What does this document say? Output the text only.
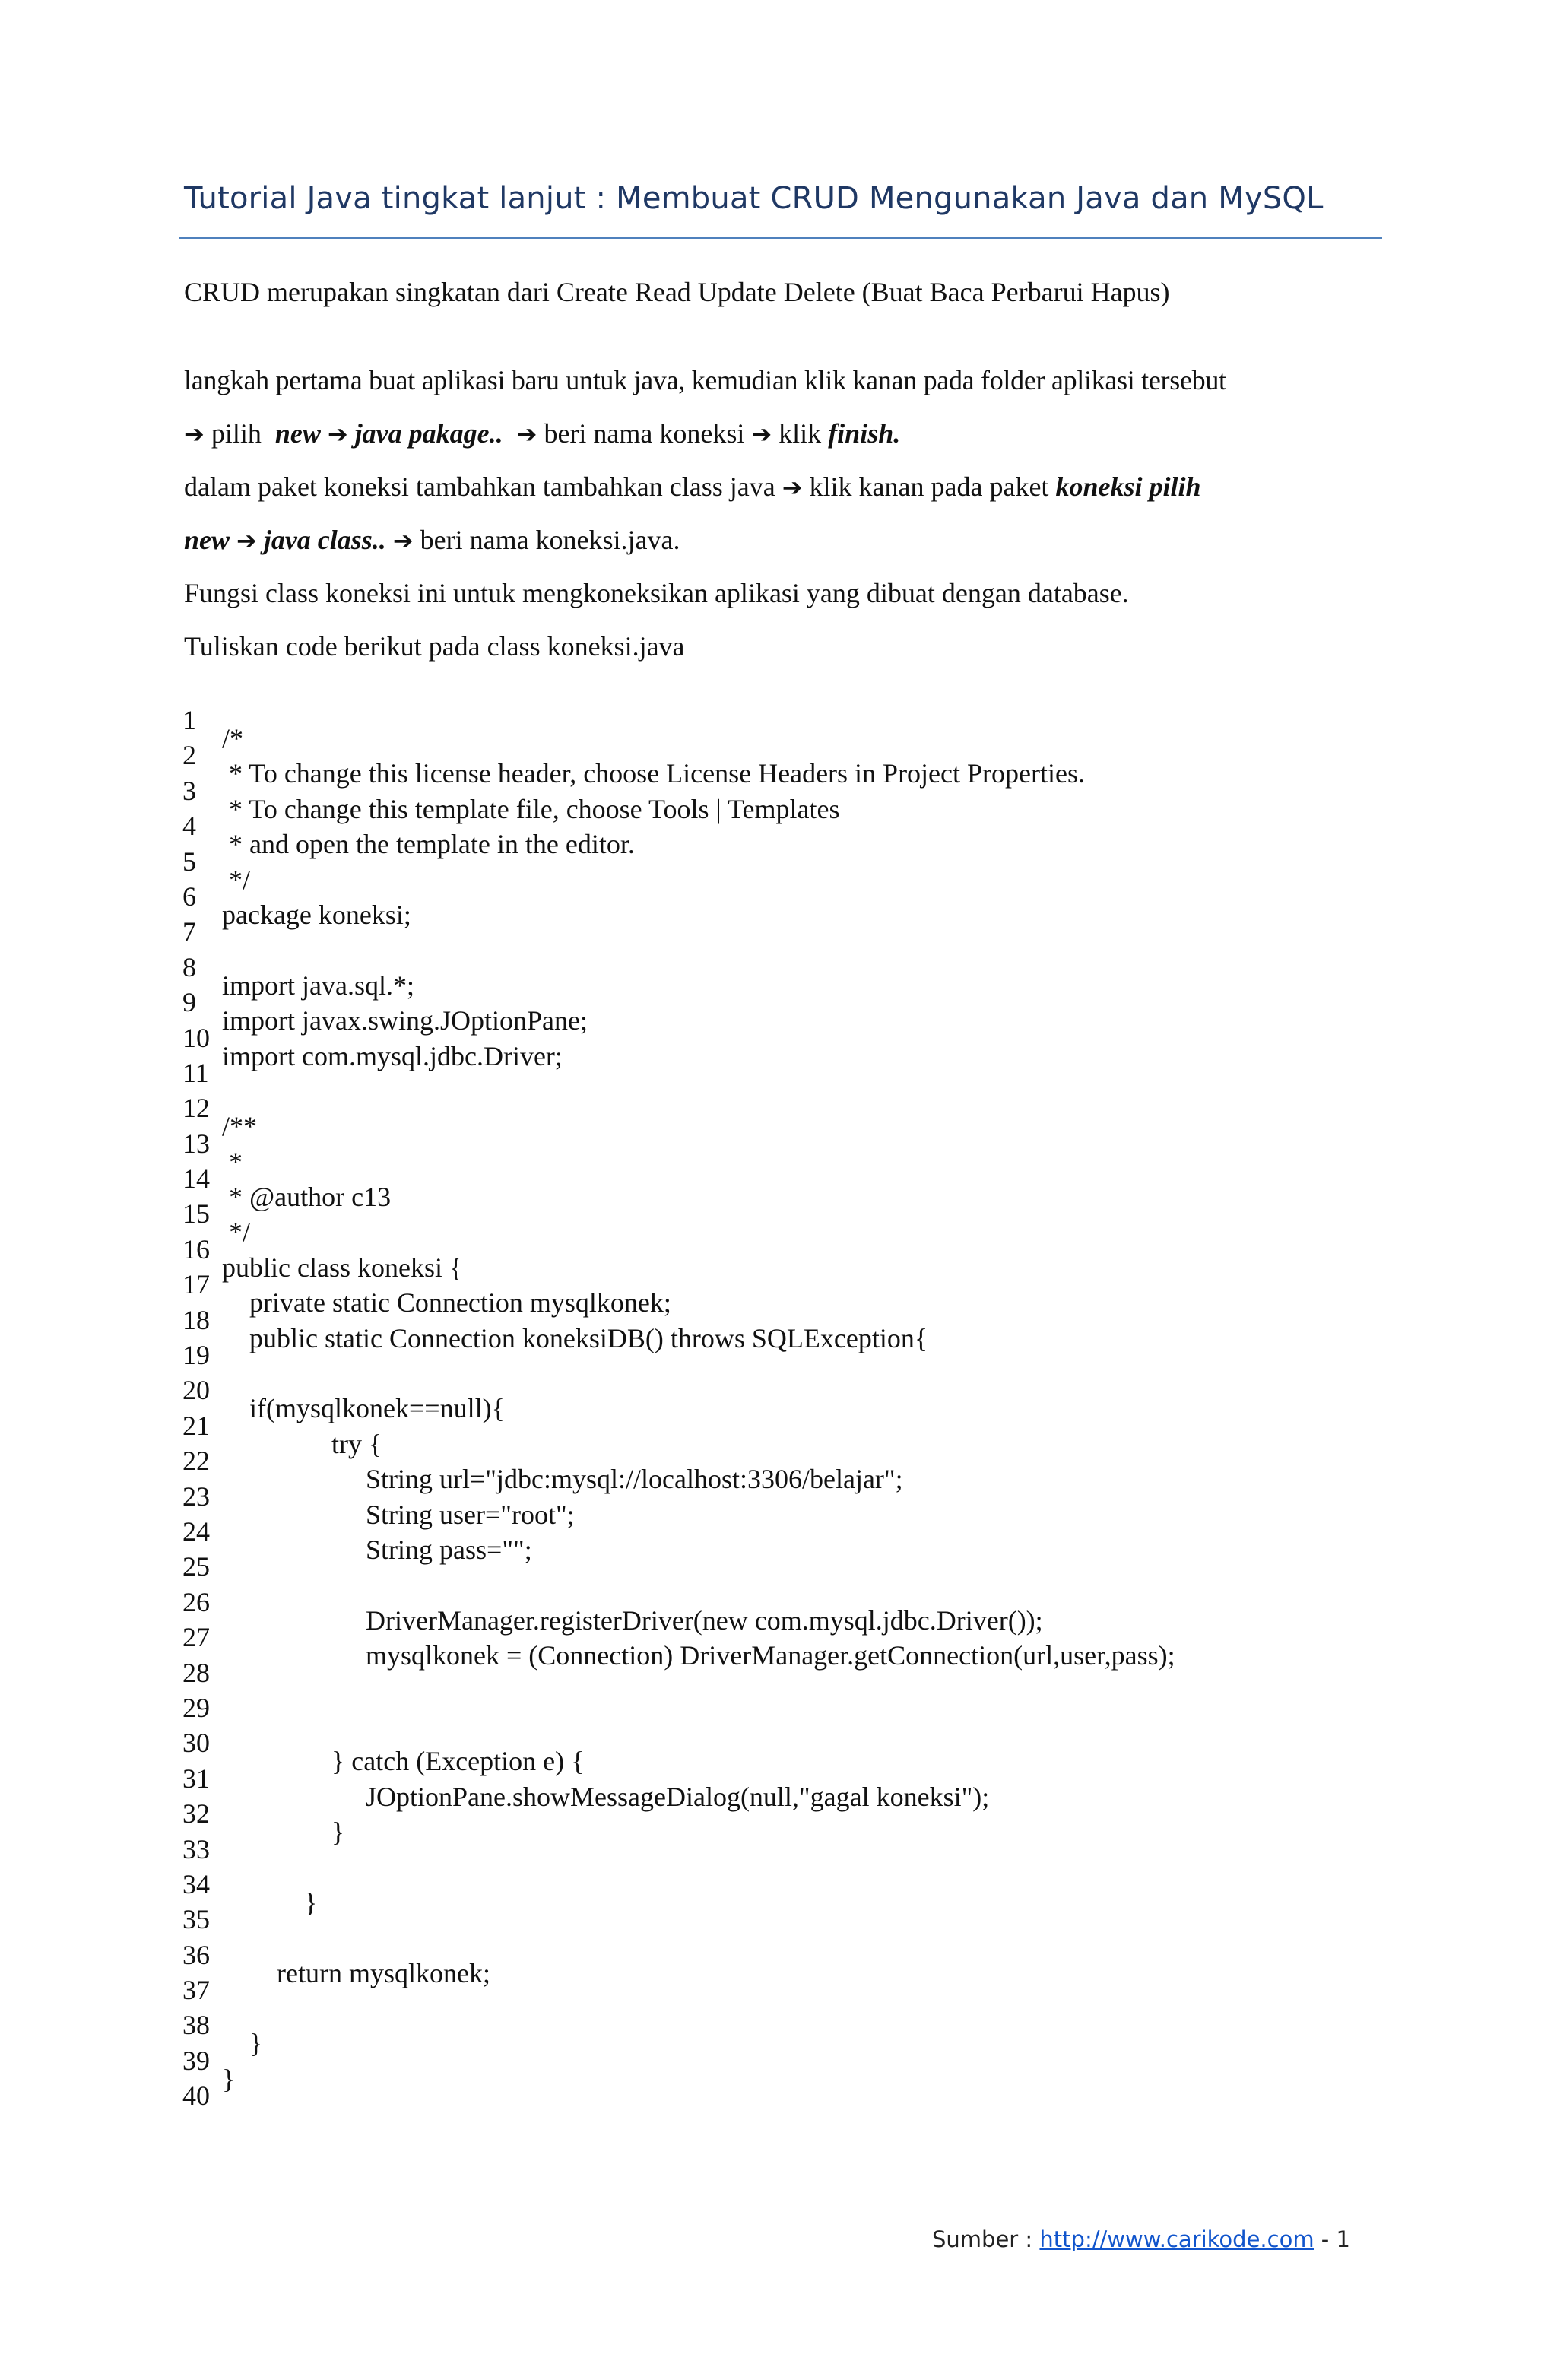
Tutorial Java tingkat lanjut : Membuat CRUD Mengunakan Java dan MySQL
CRUD merupakan singkatan dari Create Read Update Delete (Buat Baca Perbarui Hapus)
langkah pertama buat aplikasi baru untuk java, kemudian klik kanan pada folder aplikasi tersebut
➔ pilih new ➔ java pakage.. ➔ beri nama koneksi ➔ klik finish.
dalam paket koneksi tambahkan tambahkan class java ➔ klik kanan pada paket koneksi pilih
new ➔ java class.. ➔ beri nama koneksi.java.
Fungsi class koneksi ini untuk mengkoneksikan aplikasi yang dibuat dengan database.
Tuliskan code berikut pada class koneksi.java
1
2
3
4
5
6
7
8
9
10
11
12
13
14
15
16
17
18
19
20
21
22
23
24
25
26
27
28
29
30
31
32
33
34
35
36
37
38
39
40
/*
* To change this license header, choose License Headers in Project Properties.
* To change this template file, choose Tools | Templates
* and open the template in the editor.
*/
package koneksi;
import java.sql.*;
import javax.swing.JOptionPane;
import com.mysql.jdbc.Driver;
/**
*
* @author c13
*/
public class koneksi {
private static Connection mysqlkonek;
public static Connection koneksiDB() throws SQLException{
if(mysqlkonek==null){
try {
String url="jdbc:mysql://localhost:3306/belajar";
String user="root";
String pass="";
DriverManager.registerDriver(new com.mysql.jdbc.Driver());
mysqlkonek = (Connection) DriverManager.getConnection(url,user,pass);
} catch (Exception e) {
JOptionPane.showMessageDialog(null,"gagal koneksi");
}
}
return mysqlkonek;
}
}
Sumber : http://www.carikode.com - 1
